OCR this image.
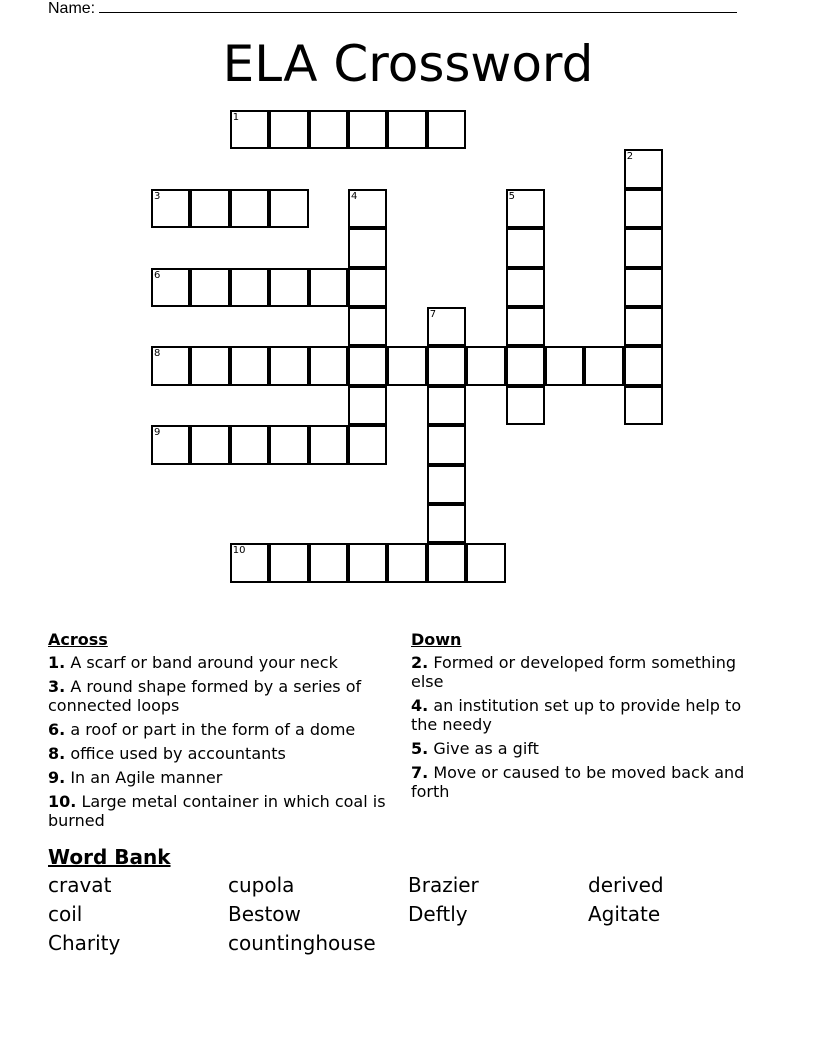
Name:
ELA Crossword
1
2
3	4	5
6
7
8
9
10
Across
1. A scarf or band around your neck
3. A round shape formed by a series of connected loops
6. a roof or part in the form of a dome
8. office used by accountants
9. In an Agile manner
10. Large metal container in which coal is burned
Down
2. Formed or developed form something else
4. an institution set up to provide help to the needy
5. Give as a gift
7. Move or caused to be moved back and forth
Word Bank
cravat	cupola	Brazier	derived
coil	Bestow	Deftly	Agitate
Charity	countinghouse
